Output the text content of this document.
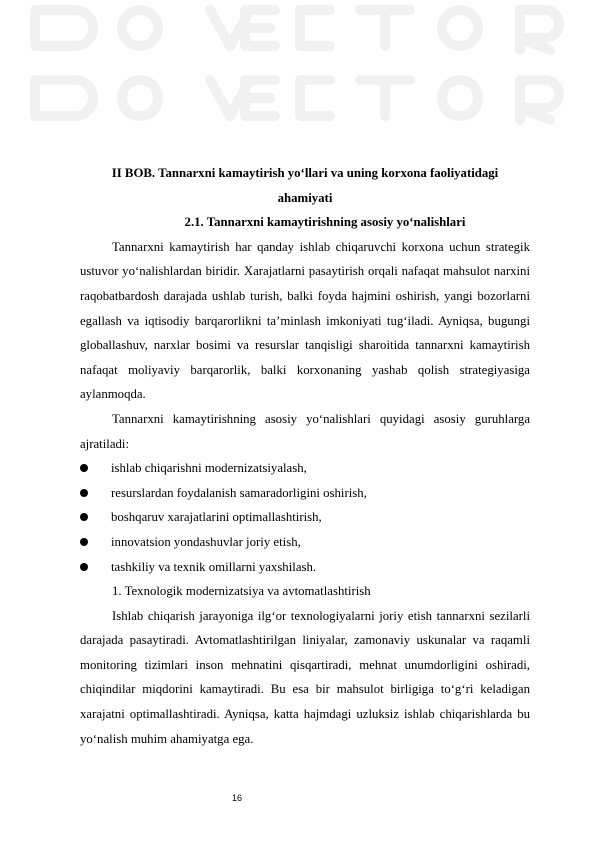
II BOB. Tannarxni kamaytirish yo‘llari va uning korxona faoliyatidagi
ahamiyati
2.1. Tannarxni kamaytirishning asosiy yo‘nalishlari

Tannarxni kamaytirish har qanday ishlab chiqaruvchi korxona uchun strategik ustuvor yo‘nalishlardan biridir. Xarajatlarni pasaytirish orqali nafaqat mahsulot narxini raqobatbardosh darajada ushlab turish, balki foyda hajmini oshirish, yangi bozorlarni egallash va iqtisodiy barqarorlikni ta’minlash imkoniyati tug‘iladi. Ayniqsa, bugungi globallashuv, narxlar bosimi va resurslar tanqisligi sharoitida tannarxni kamaytirish nafaqat moliyaviy barqarorlik, balki korxonaning yashab qolish strategiyasiga aylanmoqda.

Tannarxni kamaytirishning asosiy yo‘nalishlari quyidagi asosiy guruhlarga ajratiladi:

ishlab chiqarishni modernizatsiyalash,
resurslardan foydalanish samaradorligini oshirish,
boshqaruv xarajatlarini optimallashtirish,
innovatsion yondashuvlar joriy etish,
tashkiliy va texnik omillarni yaxshilash.

1. Texnologik modernizatsiya va avtomatlashtirish

Ishlab chiqarish jarayoniga ilg‘or texnologiyalarni joriy etish tannarxni sezilarli darajada pasaytiradi. Avtomatlashtirilgan liniyalar, zamonaviy uskunalar va raqamli monitoring tizimlari inson mehnatini qisqartiradi, mehnat unumdorligini oshiradi, chiqindilar miqdorini kamaytiradi. Bu esa bir mahsulot birligiga to‘g‘ri keladigan xarajatni optimallashtiradi. Ayniqsa, katta hajmdagi uzluksiz ishlab chiqarishlarda bu yo‘nalish muhim ahamiyatga ega.

16
